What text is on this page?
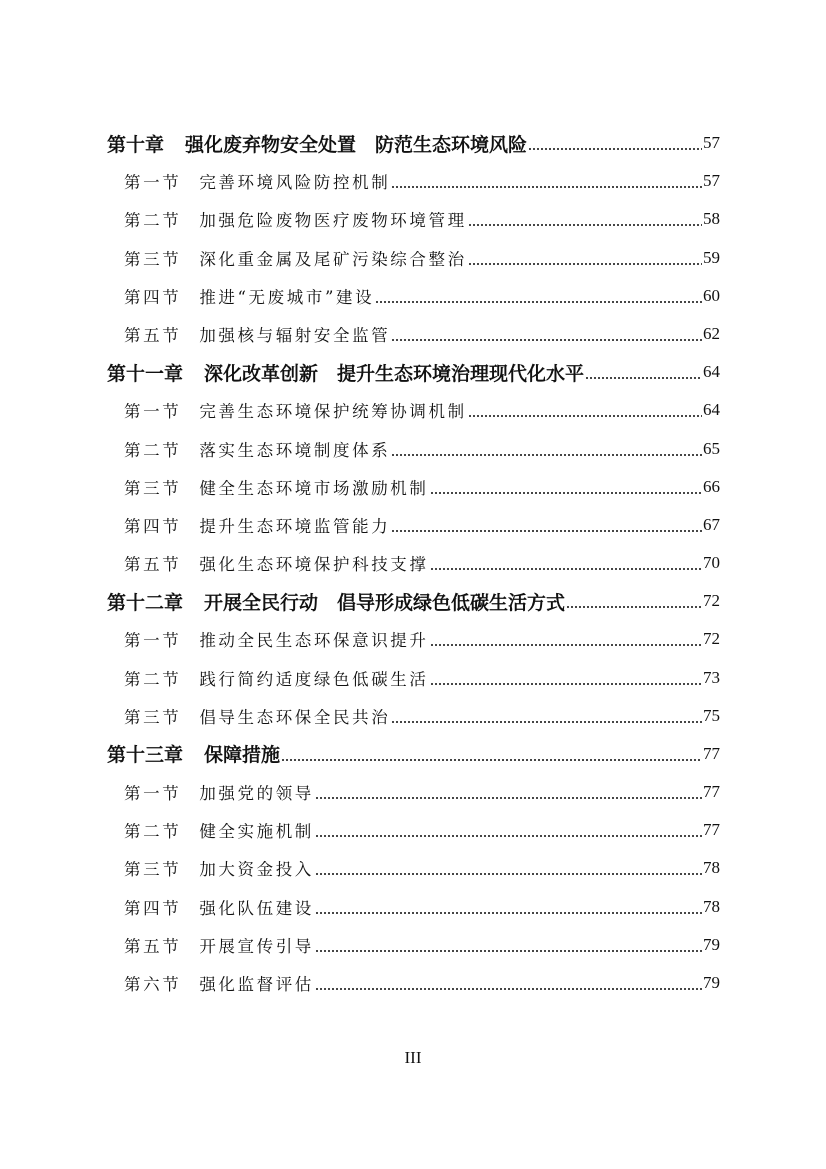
第十章 强化废弃物安全处置　防范生态环境风险	57
第一节 完善环境风险防控机制	57
第二节 加强危险废物医疗废物环境管理	58
第三节 深化重金属及尾矿污染综合整治	59
第四节 推进“无废城市”建设	60
第五节 加强核与辐射安全监管	62
第十一章 深化改革创新　提升生态环境治理现代化水平	64
第一节 完善生态环境保护统筹协调机制	64
第二节 落实生态环境制度体系	65
第三节 健全生态环境市场激励机制	66
第四节 提升生态环境监管能力	67
第五节 强化生态环境保护科技支撑	70
第十二章 开展全民行动　倡导形成绿色低碳生活方式	72
第一节 推动全民生态环保意识提升	72
第二节 践行简约适度绿色低碳生活	73
第三节 倡导生态环保全民共治	75
第十三章 保障措施	77
第一节 加强党的领导	77
第二节 健全实施机制	77
第三节 加大资金投入	78
第四节 强化队伍建设	78
第五节 开展宣传引导	79
第六节 强化监督评估	79
III
